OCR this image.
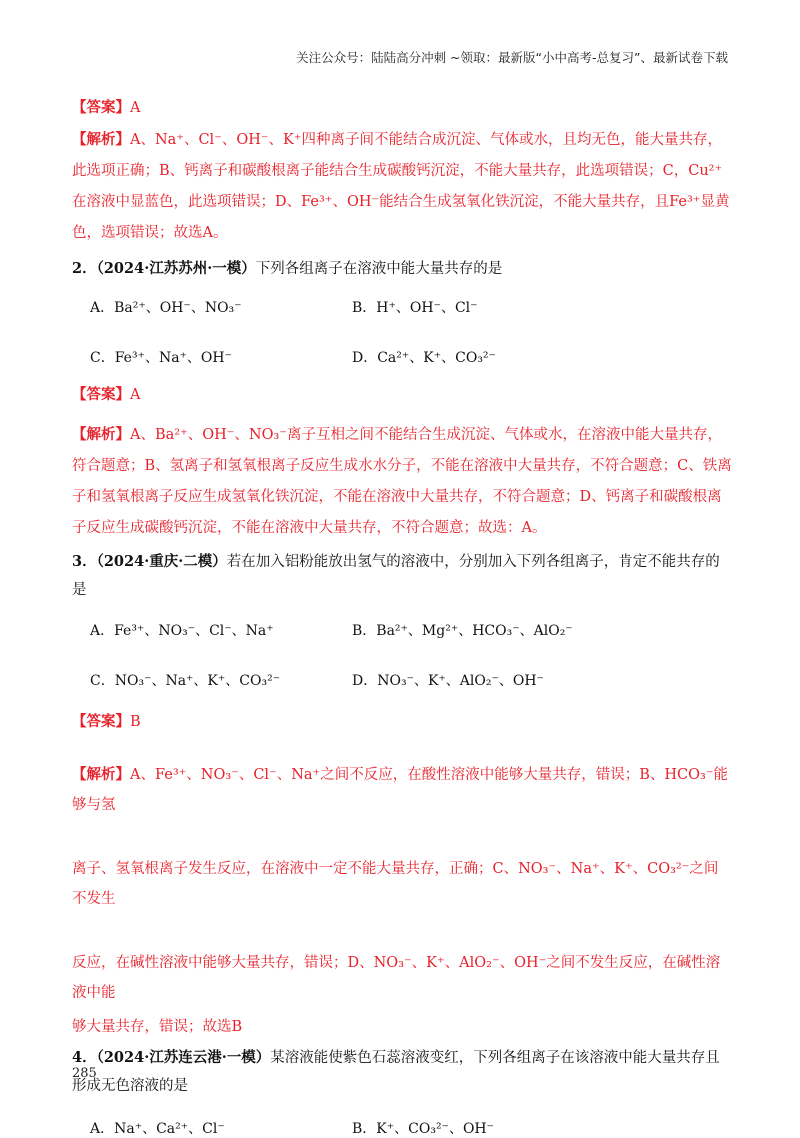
关注公众号：陆陆高分冲刺 ~领取：最新版“小中高考-总复习”、最新试卷下载

【答案】A

【解析】A、Na⁺、Cl⁻、OH⁻、K⁺四种离子间不能结合成沉淀、气体或水，且均无色，能大量共存，此选项正确；B、钙离子和碳酸根离子能结合生成碳酸钙沉淀，不能大量共存，此选项错误；C，Cu²⁺在溶液中显蓝色，此选项错误；D、Fe³⁺、OH⁻能结合生成氢氧化铁沉淀，不能大量共存，且Fe³⁺显黄色，选项错误；故选A。

2．（2024·江苏苏州·一模）下列各组离子在溶液中能大量共存的是

A．Ba²⁺、OH⁻、NO₃⁻	B．H⁺、OH⁻、Cl⁻
C．Fe³⁺、Na⁺、OH⁻	D．Ca²⁺、K⁺、CO₃²⁻

【答案】A

【解析】A、Ba²⁺、OH⁻、NO₃⁻离子互相之间不能结合生成沉淀、气体或水，在溶液中能大量共存，符合题意；B、氢离子和氢氧根离子反应生成水水分子，不能在溶液中大量共存，不符合题意；C、铁离子和氢氧根离子反应生成氢氧化铁沉淀，不能在溶液中大量共存，不符合题意；D、钙离子和碳酸根离子反应生成碳酸钙沉淀，不能在溶液中大量共存，不符合题意；故选：A。

3．（2024·重庆·二模）若在加入铝粉能放出氢气的溶液中，分别加入下列各组离子，肯定不能共存的是

A．Fe³⁺、NO₃⁻、Cl⁻、Na⁺	B．Ba²⁺、Mg²⁺、HCO₃⁻、AlO₂⁻
C．NO₃⁻、Na⁺、K⁺、CO₃²⁻	D．NO₃⁻、K⁺、AlO₂⁻、OH⁻

【答案】B

【解析】A、Fe³⁺、NO₃⁻、Cl⁻、Na⁺之间不反应，在酸性溶液中能够大量共存，错误；B、HCO₃⁻能够与氢

离子、氢氧根离子发生反应，在溶液中一定不能大量共存，正确；C、NO₃⁻、Na⁺、K⁺、CO₃²⁻之间不发生

反应，在碱性溶液中能够大量共存，错误；D、NO₃⁻、K⁺、AlO₂⁻、OH⁻之间不发生反应，在碱性溶液中能

够大量共存，错误；故选B

4．（2024·江苏连云港·一模）某溶液能使紫色石蕊溶液变红，下列各组离子在该溶液中能大量共存且形成无色溶液的是

A．Na⁺、Ca²⁺、Cl⁻	B．K⁺、CO₃²⁻、OH⁻
285
